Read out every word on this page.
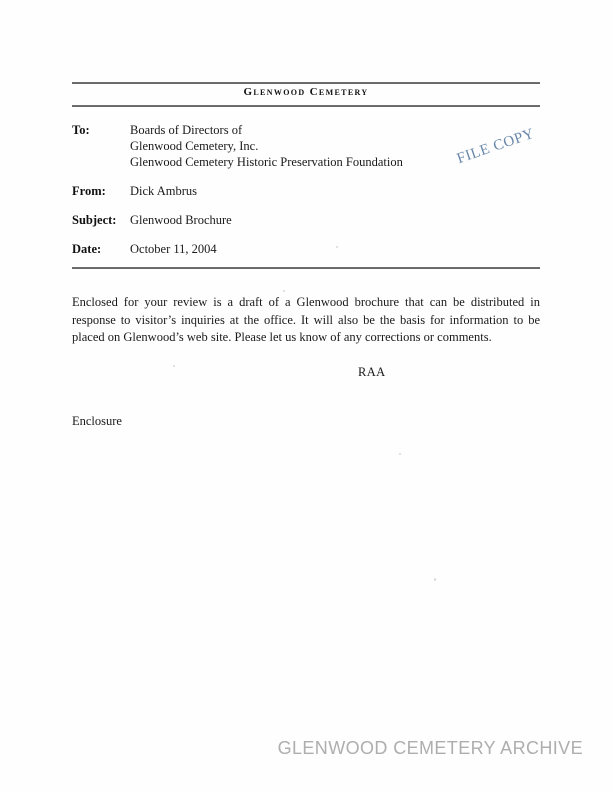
Glenwood Cemetery
To:	Boards of Directors of
Glenwood Cemetery, Inc.
Glenwood Cemetery Historic Preservation Foundation
From:	Dick Ambrus
Subject:	Glenwood Brochure
Date:	October 11, 2004
FILE COPY
Enclosed for your review is a draft of a Glenwood brochure that can be distributed in response to visitor’s inquiries at the office. It will also be the basis for information to be placed on Glenwood’s web site. Please let us know of any corrections or comments.
RAA
Enclosure
GLENWOOD CEMETERY ARCHIVE
